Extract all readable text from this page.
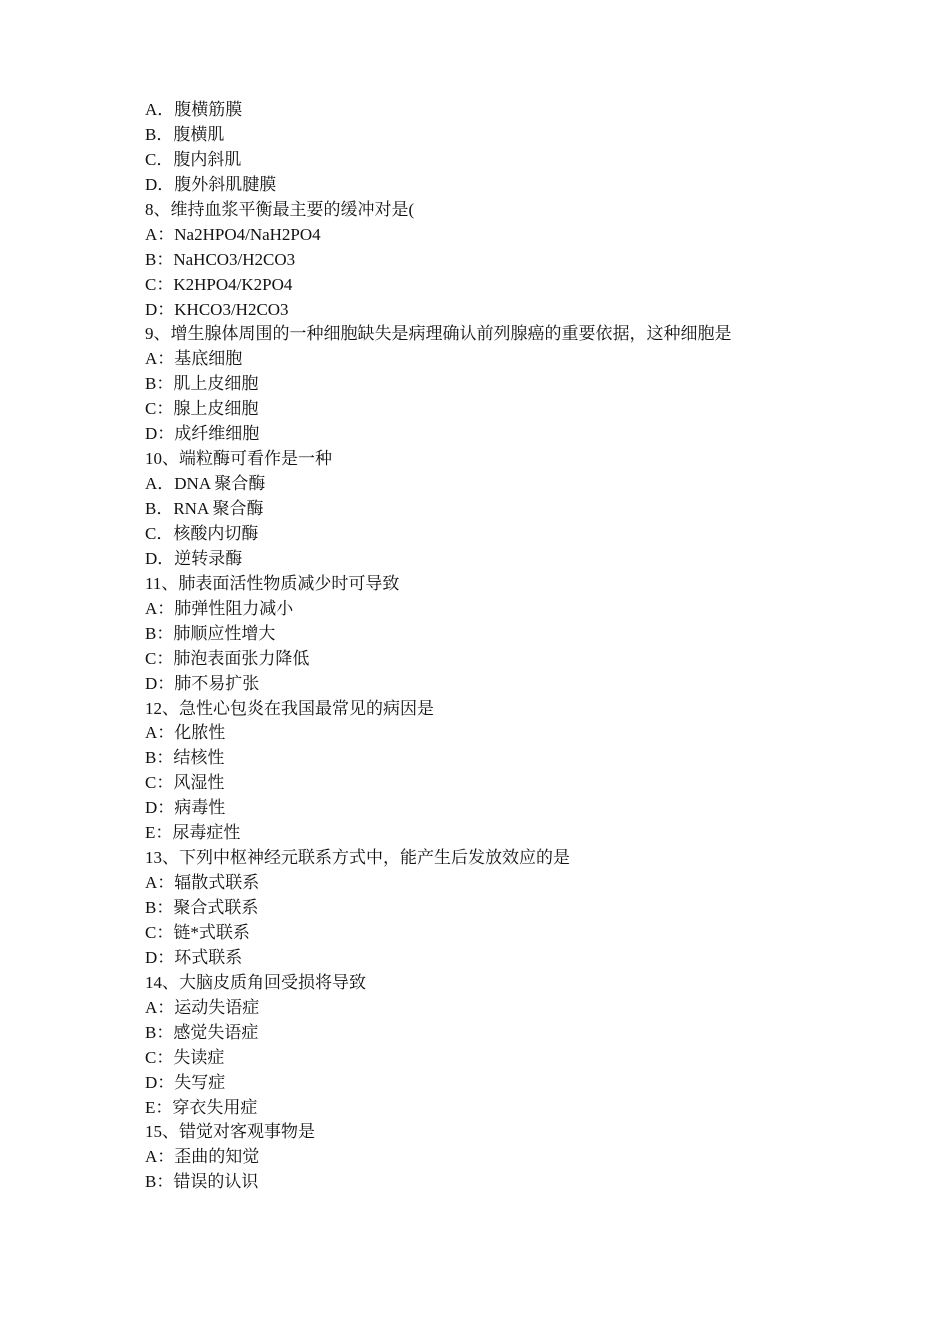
A．腹横筋膜
B．腹横肌
C．腹内斜肌
D．腹外斜肌腱膜
8、维持血浆平衡最主要的缓冲对是(
A：Na2HPO4/NaH2PO4
B：NaHCO3/H2CO3
C：K2HPO4/K2PO4
D：KHCO3/H2CO3
9、增生腺体周围的一种细胞缺失是病理确认前列腺癌的重要依据，这种细胞是
A：基底细胞
B：肌上皮细胞
C：腺上皮细胞
D：成纤维细胞
10、端粒酶可看作是一种
A．DNA 聚合酶
B．RNA 聚合酶
C．核酸内切酶
D．逆转录酶
11、肺表面活性物质减少时可导致
A：肺弹性阻力减小
B：肺顺应性增大
C：肺泡表面张力降低
D：肺不易扩张
12、急性心包炎在我国最常见的病因是
A：化脓性
B：结核性
C：风湿性
D：病毒性
E：尿毒症性
13、下列中枢神经元联系方式中，能产生后发放效应的是
A：辐散式联系
B：聚合式联系
C：链*式联系
D：环式联系
14、大脑皮质角回受损将导致
A：运动失语症
B：感觉失语症
C：失读症
D：失写症
E：穿衣失用症
15、错觉对客观事物是
A：歪曲的知觉
B：错误的认识
